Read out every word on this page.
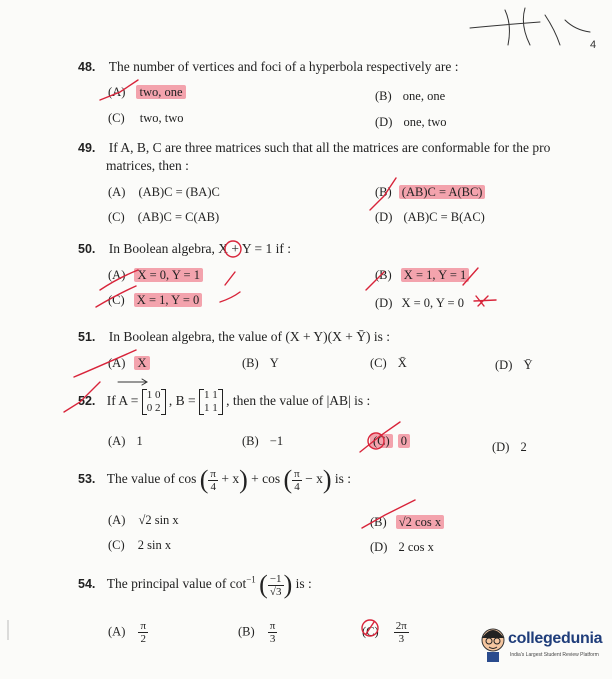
48. The number of vertices and foci of a hyperbola respectively are :
(A) two, one	(B) one, one
(C) two, two	(D) one, two
49. If A, B, C are three matrices such that all the matrices are conformable for the pro
matrices, then :
(A) (AB)C = (BA)C	(B) (AB)C = A(BC)
(C) (AB)C = C(AB)	(D) (AB)C = B(AC)
50. In Boolean algebra, X + Y = 1 if :
(A) X = 0, Y = 1	(B) X = 1, Y = 1
(C) X = 1, Y = 0	(D) X = 0, Y = 0
51. In Boolean algebra, the value of (X + Y)(X + Ȳ) is :
(A) X	(B) Y	(C) X̄	(D) Ȳ
52. If A = 1 0
0 2 , B = 1 1
1 1 , then the value of |AB| is :
(A) 1	(B) −1	(C) 0	(D) 2
53. The value of cos ( $\frac{\pi}{4} + x) + \cos$ ( $\frac{\pi}{4} - x$) is :
(A) √2 sin x	(B) √2 cos x
(C) 2 sin x	(D) 2 cos x
54. The principal value of $\cot^{-1}$ ( $\frac{-1}{√3}$ ) is :
$(A) \frac{\pi}{2}$	$(B) \frac{\pi}{3}$	$(C) \frac{2\pi}{3}$	collegedunia
India's Largest Student Review Platform
4
